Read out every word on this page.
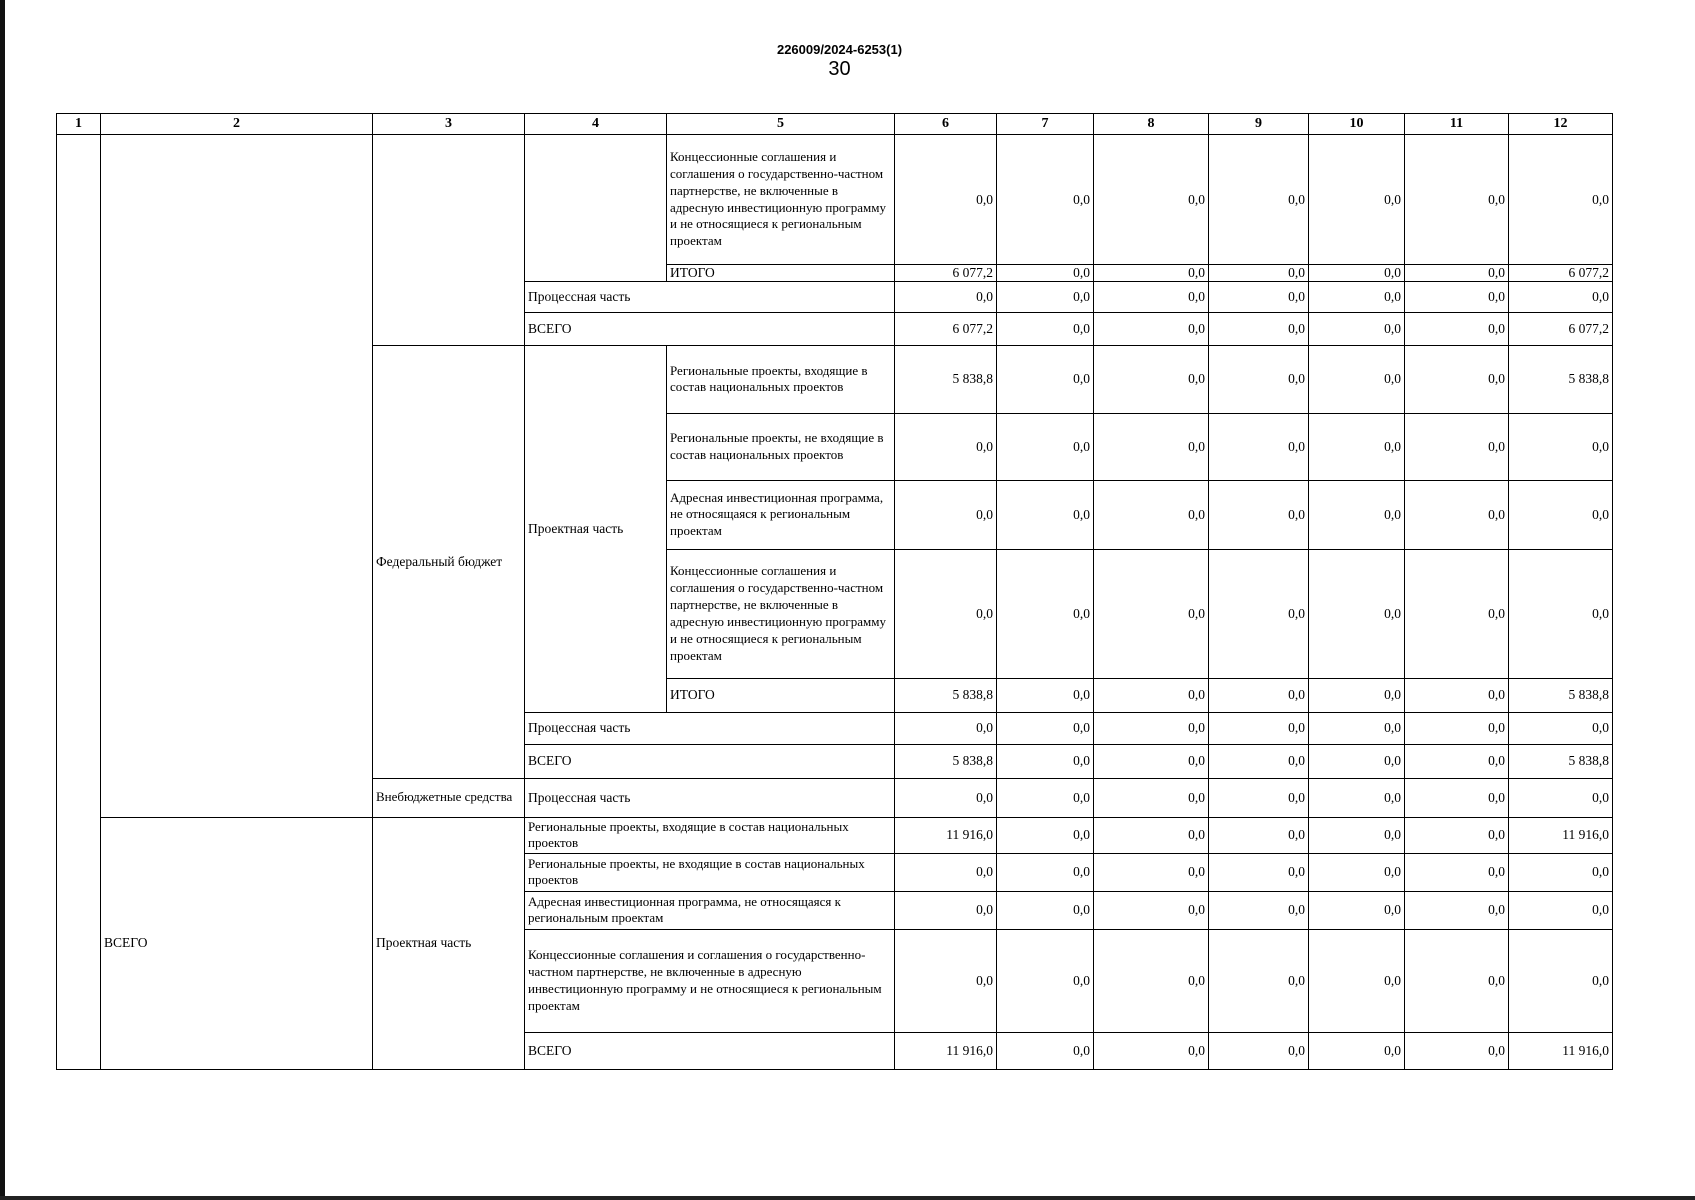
226009/2024-6253(1)
30
1	2	3	4	5	6	7	8	9	10	11	12
				Концессионные соглашения и соглашения о государственно-частном партнерстве, не включенные в адресную инвестиционную программу и не относящиеся к региональным проектам	0,0	0,0	0,0	0,0	0,0	0,0	0,0
				ИТОГО	6 077,2	0,0	0,0	0,0	0,0	0,0	6 077,2
			Процессная часть		0,0	0,0	0,0	0,0	0,0	0,0	0,0
			ВСЕГО		6 077,2	0,0	0,0	0,0	0,0	0,0	6 077,2
		Федеральный бюджет	Проектная часть	Региональные проекты, входящие в состав национальных проектов	5 838,8	0,0	0,0	0,0	0,0	0,0	5 838,8
				Региональные проекты, не входящие в состав национальных проектов	0,0	0,0	0,0	0,0	0,0	0,0	0,0
				Адресная инвестиционная программа, не относящаяся к региональным проектам	0,0	0,0	0,0	0,0	0,0	0,0	0,0
				Концессионные соглашения и соглашения о государственно-частном партнерстве, не включенные в адресную инвестиционную программу и не относящиеся к региональным проектам	0,0	0,0	0,0	0,0	0,0	0,0	0,0
				ИТОГО	5 838,8	0,0	0,0	0,0	0,0	0,0	5 838,8
			Процессная часть		0,0	0,0	0,0	0,0	0,0	0,0	0,0
			ВСЕГО		5 838,8	0,0	0,0	0,0	0,0	0,0	5 838,8
		Внебюджетные средства	Процессная часть		0,0	0,0	0,0	0,0	0,0	0,0	0,0
	ВСЕГО	Проектная часть	Региональные проекты, входящие в состав национальных проектов		11 916,0	0,0	0,0	0,0	0,0	0,0	11 916,0
			Региональные проекты, не входящие в состав национальных проектов		0,0	0,0	0,0	0,0	0,0	0,0	0,0
			Адресная инвестиционная программа, не относящаяся к региональным проектам		0,0	0,0	0,0	0,0	0,0	0,0	0,0
			Концессионные соглашения и соглашения о государственно-частном партнерстве, не включенные в адресную инвестиционную программу и не относящиеся к региональным проектам		0,0	0,0	0,0	0,0	0,0	0,0	0,0
			ВСЕГО		11 916,0	0,0	0,0	0,0	0,0	0,0	11 916,0
